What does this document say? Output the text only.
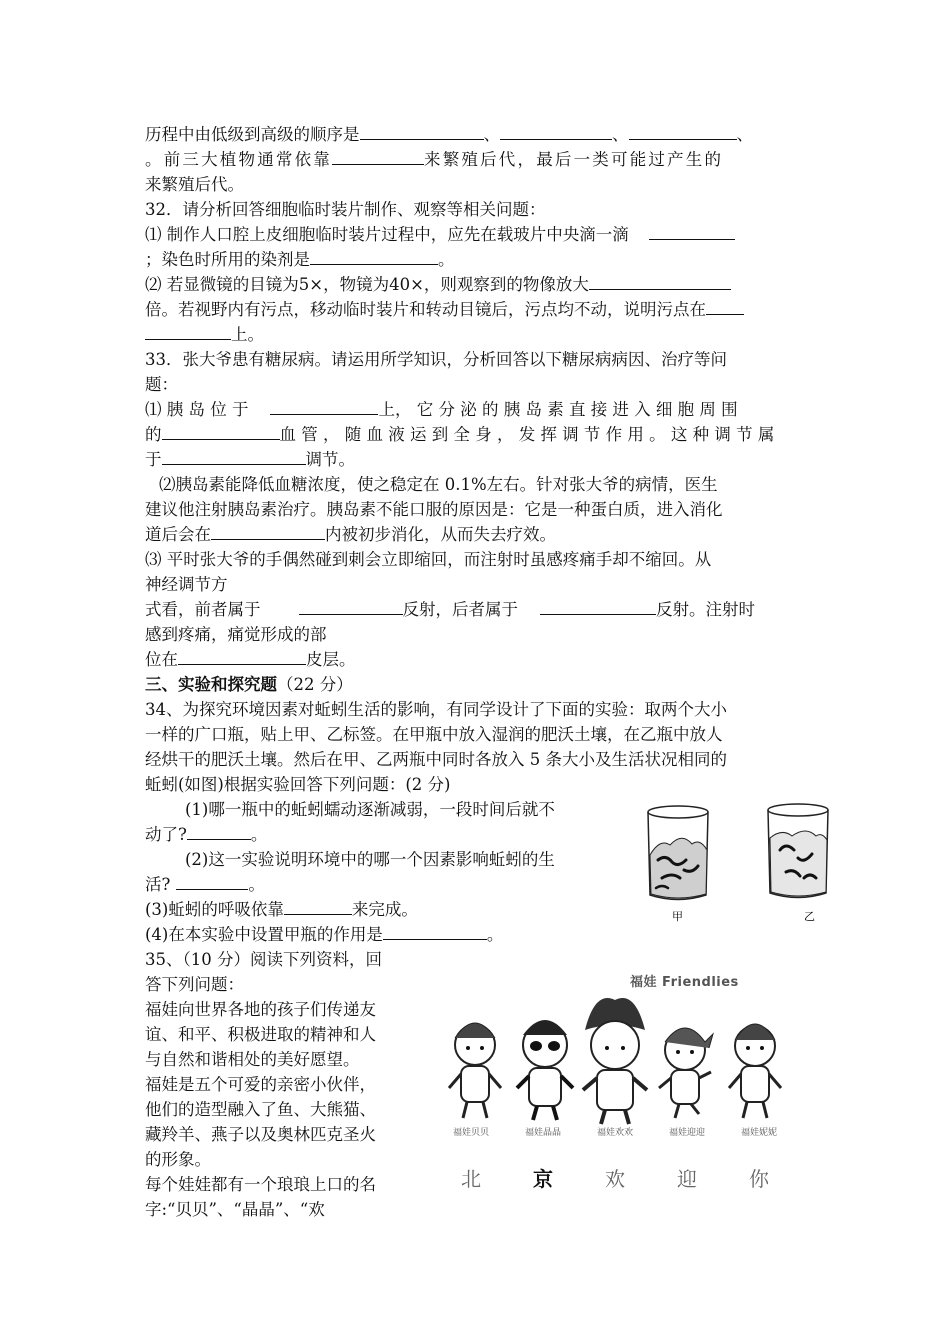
历程中由低级到高级的顺序是	、	、	、
。前三大植物通常依靠	来繁殖后代，最后一类可能过产生的
来繁殖后代。
32．请分析回答细胞临时装片制作、观察等相关问题：
⑴ 制作人口腔上皮细胞临时装片过程中，应先在载玻片中央滴一滴
；染色时所用的染剂是	。
⑵ 若显微镜的目镜为5×，物镜为40×，则观察到的物像放大
倍。若视野内有污点，移动临时装片和转动目镜后，污点均不动，说明污点在
上。
33．张大爷患有糖尿病。请运用所学知识，分析回答以下糖尿病病因、治疗等问
题：
⑴ 胰 岛 位 于	上， 它 分 泌 的 胰 岛 素 直 接 进 入 细 胞 周 围
的	血 管 ， 随 血 液 运 到 全 身 ， 发 挥 调 节 作 用 。 这 种 调 节 属
于	调节。
⑵胰岛素能降低血糖浓度，使之稳定在 0.1%左右。针对张大爷的病情，医生
建议他注射胰岛素治疗。胰岛素不能口服的原因是：它是一种蛋白质，进入消化
道后会在	内被初步消化，从而失去疗效。
⑶ 平时张大爷的手偶然碰到刺会立即缩回，而注射时虽感疼痛手却不缩回。从
神经调节方
式看，前者属于	反射，后者属于	反射。注射时
感到疼痛，痛觉形成的部
位在	皮层。
三、实验和探究题（22 分）
34、为探究环境因素对蚯蚓生活的影响，有同学设计了下面的实验：取两个大小
一样的广口瓶，贴上甲、乙标签。在甲瓶中放入湿润的肥沃土壤，在乙瓶中放人
经烘干的肥沃土壤。然后在甲、乙两瓶中同时各放入 5 条大小及生活状况相同的
蚯蚓(如图)根据实验回答下列问题：(2 分)
(1)哪一瓶中的蚯蚓蠕动逐渐减弱，一段时间后就不
动了?	。
(2)这一实验说明环境中的哪一个因素影响蚯蚓的生
活?	。
(3)蚯蚓的呼吸依靠	来完成。
(4)在本实验中设置甲瓶的作用是	。
35、（10 分）阅读下列资料，回
答下列问题：
福娃向世界各地的孩子们传递友
谊、和平、积极进取的精神和人
与自然和谐相处的美好愿望。
福娃是五个可爱的亲密小伙伴，
他们的造型融入了鱼、大熊猫、
藏羚羊、燕子以及奥林匹克圣火
的形象。
每个娃娃都有一个琅琅上口的名
字:“贝贝”、“晶晶”、“欢
甲	乙
福娃 Friendlies
福娃贝贝	福娃晶晶	福娃欢欢	福娃迎迎	福娃妮妮
北	京	欢	迎	你
